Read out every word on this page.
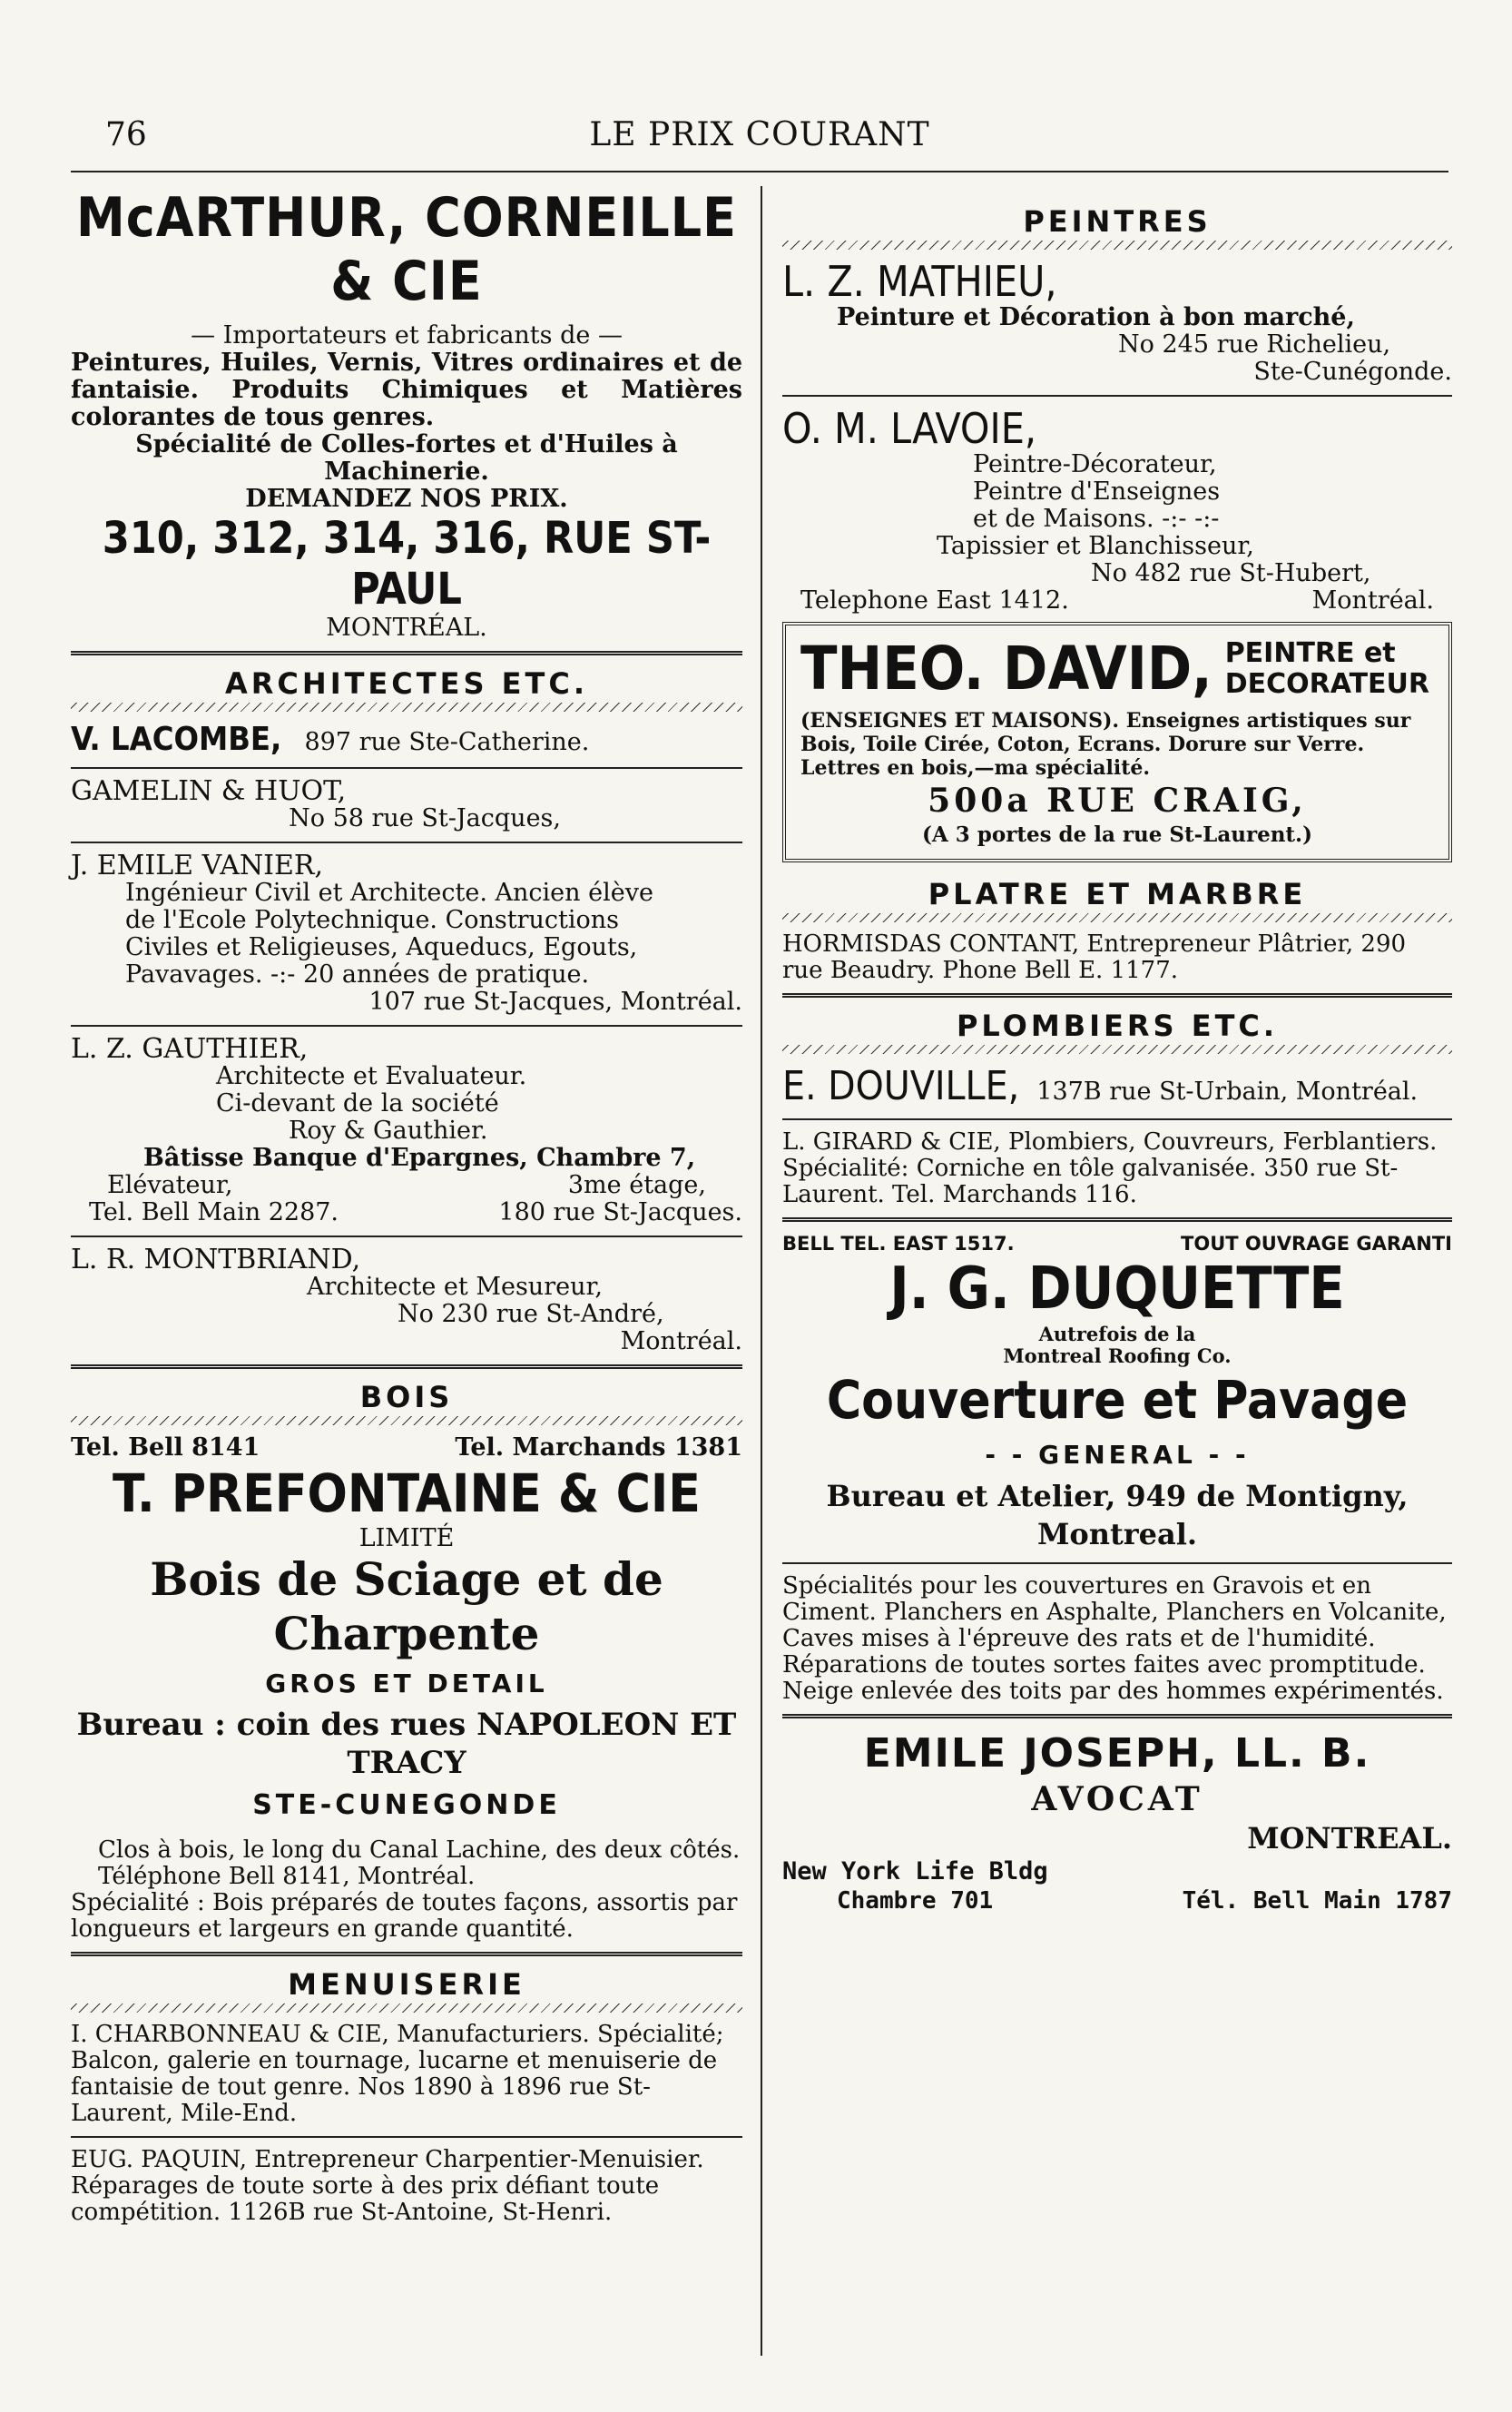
76	LE PRIX COURANT
McARTHUR, CORNEILLE & CIE
— Importateurs et fabricants de —
Peintures, Huiles, Vernis, Vitres ordinaires et de fantaisie. Produits Chimiques et Matières colorantes de tous genres.
Spécialité de Colles-fortes et d'Huiles à Machinerie.
DEMANDEZ NOS PRIX.
310, 312, 314, 316, RUE ST-PAUL
MONTRÉAL.
ARCHITECTES ETC.
V. LACOMBE, 897 rue Ste-Catherine.
GAMELIN & HUOT,
No 58 rue St-Jacques,
J. EMILE VANIER,
Ingénieur Civil et Architecte. Ancien élève de l'Ecole Polytechnique. Constructions Civiles et Religieuses, Aqueducs, Egouts, Pavavages. -:- 20 années de pratique.
107 rue St-Jacques, Montréal.
L. Z. GAUTHIER,
Architecte et Evaluateur.
Ci-devant de la société
Roy & Gauthier.
Bâtisse Banque d'Epargnes, Chambre 7,
Elévateur,	3me étage,
Tel. Bell Main 2287.	180 rue St-Jacques.
L. R. MONTBRIAND,
Architecte et Mesureur,
No 230 rue St-André,
Montréal.
BOIS
Tel. Bell 8141	Tel. Marchands 1381
T. PREFONTAINE & CIE
LIMITÉ
Bois de Sciage et de Charpente
GROS ET DETAIL
Bureau : coin des rues NAPOLEON ET TRACY
STE-CUNEGONDE
Clos à bois, le long du Canal Lachine, des deux côtés. Téléphone Bell 8141, Montréal.
Spécialité : Bois préparés de toutes façons, assortis par longueurs et largeurs en grande quantité.
MENUISERIE
I. CHARBONNEAU & CIE, Manufacturiers. Spécialité; Balcon, galerie en tournage, lucarne et menuiserie de fantaisie de tout genre. Nos 1890 à 1896 rue St-Laurent, Mile-End.
EUG. PAQUIN, Entrepreneur Charpentier-Menuisier. Réparages de toute sorte à des prix défiant toute compétition. 1126B rue St-Antoine, St-Henri.
PEINTRES
L. Z. MATHIEU,
Peinture et Décoration à bon marché,
No 245 rue Richelieu,
Ste-Cunégonde.
O. M. LAVOIE,
Peintre-Décorateur,
Peintre d'Enseignes
et de Maisons. -:- -:-
Tapissier et Blanchisseur,
No 482 rue St-Hubert,
Telephone East 1412.	Montréal.
THEO. DAVID, PEINTRE et
DECORATEUR
(ENSEIGNES ET MAISONS). Enseignes artistiques sur Bois, Toile Cirée, Coton, Ecrans. Dorure sur Verre. Lettres en bois,—ma spécialité.
500a RUE CRAIG,
(A 3 portes de la rue St-Laurent.)
PLATRE ET MARBRE
HORMISDAS CONTANT, Entrepreneur Plâtrier, 290 rue Beaudry. Phone Bell E. 1177.
PLOMBIERS ETC.
E. DOUVILLE, 137B rue St-Urbain, Montréal.
L. GIRARD & CIE, Plombiers, Couvreurs, Ferblantiers. Spécialité: Corniche en tôle galvanisée. 350 rue St-Laurent. Tel. Marchands 116.
BELL TEL. EAST 1517.	TOUT OUVRAGE GARANTI
J. G. DUQUETTE
Autrefois de la
Montreal Roofing Co.
Couverture et Pavage
- - GENERAL - -
Bureau et Atelier, 949 de Montigny, Montreal.
Spécialités pour les couvertures en Gravois et en Ciment. Planchers en Asphalte, Planchers en Volcanite, Caves mises à l'épreuve des rats et de l'humidité.
Réparations de toutes sortes faites avec promptitude.
Neige enlevée des toits par des hommes expérimentés.
EMILE JOSEPH, LL. B.
AVOCAT
MONTREAL.
New York Life Bldg
Chambre 701	Tél. Bell Main 1787
